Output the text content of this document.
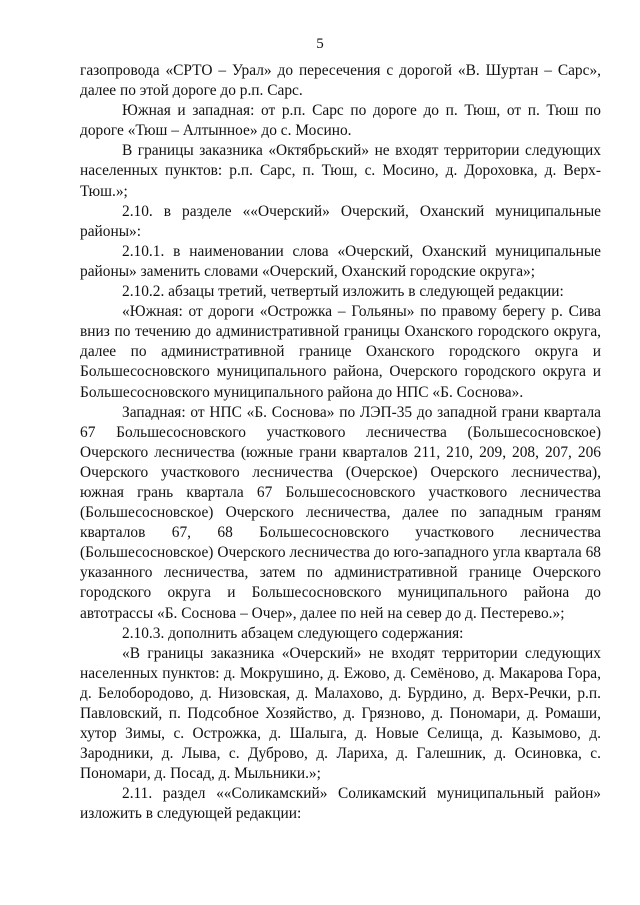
5

газопровода «СРТО – Урал» до пересечения с дорогой «В. Шуртан – Сарс», далее по этой дороге до р.п. Сарс.

Южная и западная: от р.п. Сарс по дороге до п. Тюш, от п. Тюш по дороге «Тюш – Алтынное» до с. Мосино.

В границы заказника «Октябрьский» не входят территории следующих населенных пунктов: р.п. Сарс, п. Тюш, с. Мосино, д. Дороховка, д. Верх-Тюш.»;

2.10. в разделе ««Очерский» Очерский, Оханский муниципальные районы»:

2.10.1. в наименовании слова «Очерский, Оханский муниципальные районы» заменить словами «Очерский, Оханский городские округа»;

2.10.2. абзацы третий, четвертый изложить в следующей редакции:

«Южная: от дороги «Острожка – Гольяны» по правому берегу р. Сива вниз по течению до административной границы Оханского городского округа, далее по административной границе Оханского городского округа и Большесосновского муниципального района, Очерского городского округа и Большесосновского муниципального района до НПС «Б. Соснова».

Западная: от НПС «Б. Соснова» по ЛЭП-35 до западной грани квартала 67 Большесосновского участкового лесничества (Большесосновское) Очерского лесничества (южные грани кварталов 211, 210, 209, 208, 207, 206 Очерского участкового лесничества (Очерское) Очерского лесничества), южная грань квартала 67 Большесосновского участкового лесничества (Большесосновское) Очерского лесничества, далее по западным граням кварталов 67, 68 Большесосновского участкового лесничества (Большесосновское) Очерского лесничества до юго-западного угла квартала 68 указанного лесничества, затем по административной границе Очерского городского округа и Большесосновского муниципального района до автотрассы «Б. Соснова – Очер», далее по ней на север до д. Пестерево.»;

2.10.3. дополнить абзацем следующего содержания:

«В границы заказника «Очерский» не входят территории следующих населенных пунктов: д. Мокрушино, д. Ежово, д. Семёново, д. Макарова Гора, д. Белобородово, д. Низовская, д. Малахово, д. Бурдино, д. Верх-Речки, р.п. Павловский, п. Подсобное Хозяйство, д. Грязново, д. Пономари, д. Ромаши, хутор Зимы, с. Острожка, д. Шалыга, д. Новые Селища, д. Казымово, д. Зародники, д. Лыва, с. Дуброво, д. Лариха, д. Галешник, д. Осиновка, с. Пономари, д. Посад, д. Мыльники.»;

2.11. раздел ««Соликамский» Соликамский муниципальный район» изложить в следующей редакции:
